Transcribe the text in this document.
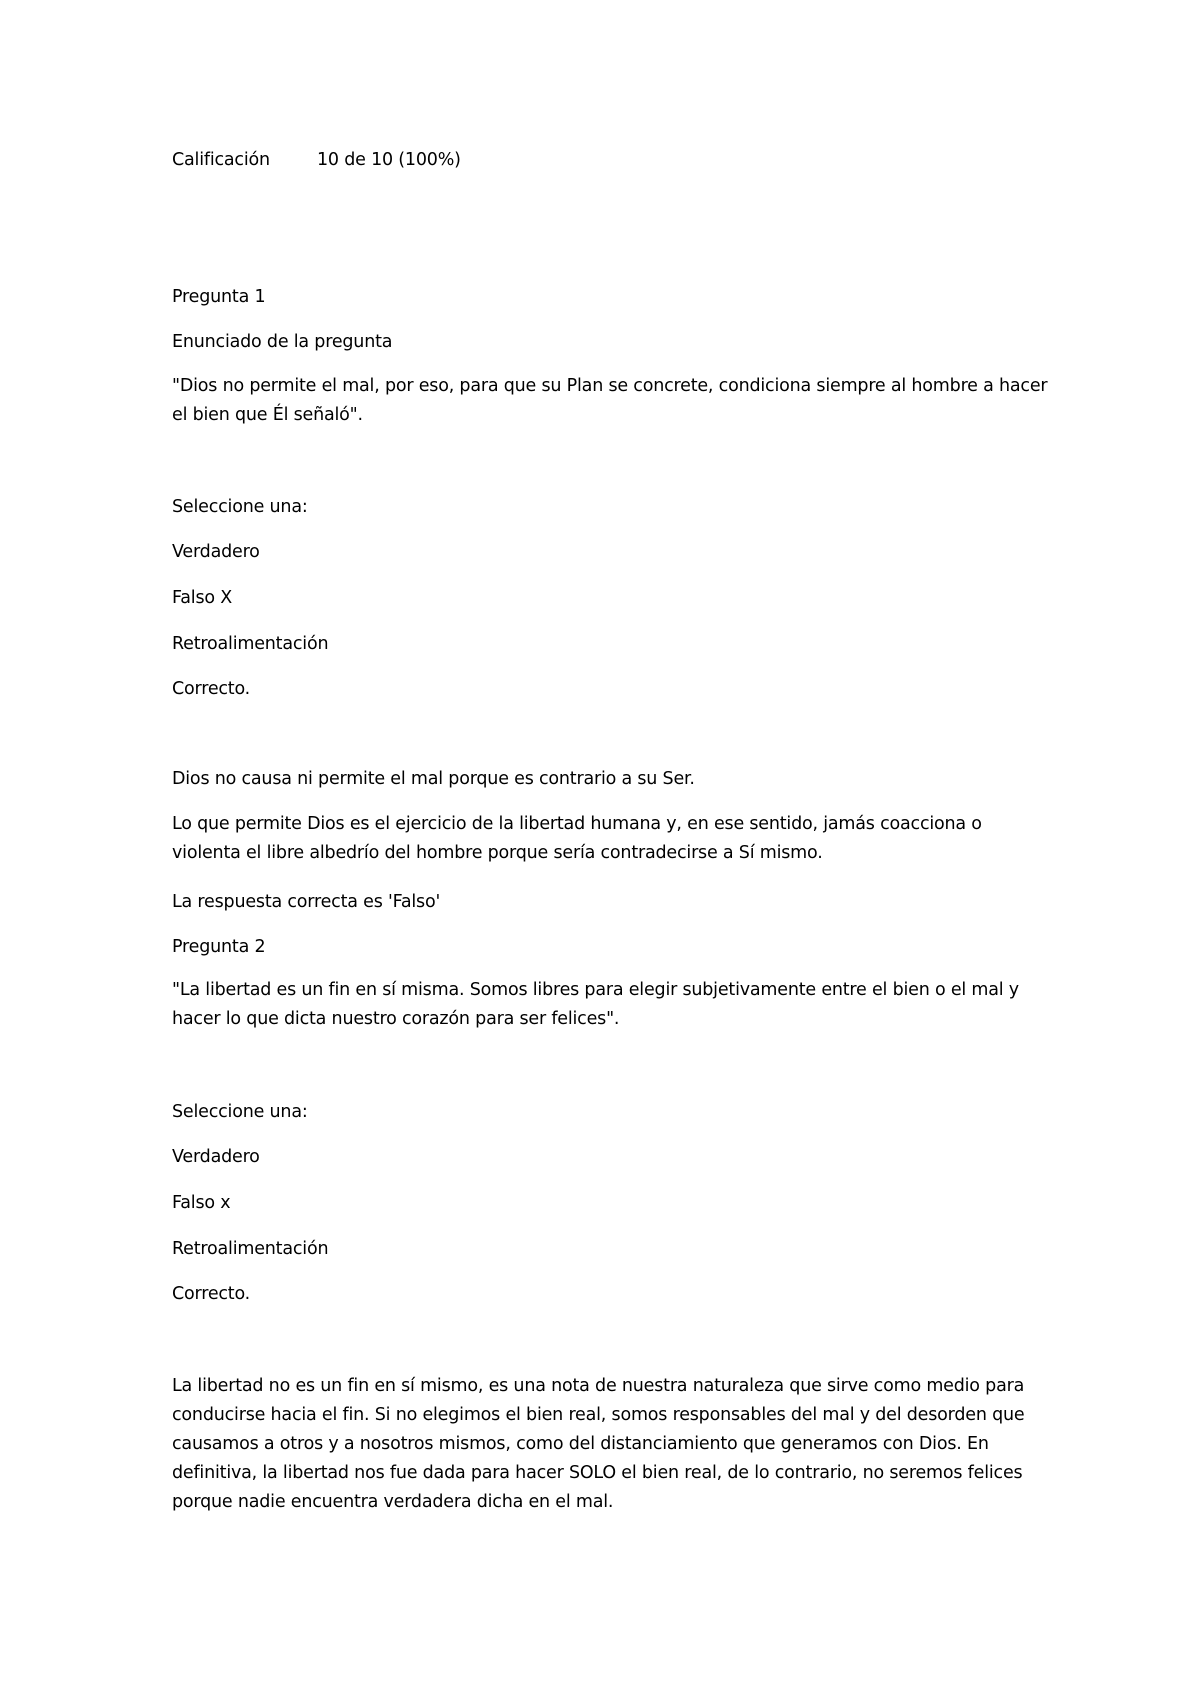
Calificación	10 de 10 (100%)

Pregunta 1

Enunciado de la pregunta

"Dios no permite el mal, por eso, para que su Plan se concrete, condiciona siempre al hombre a hacer el bien que Él señaló".

Seleccione una:

Verdadero

Falso X

Retroalimentación

Correcto.

Dios no causa ni permite el mal porque es contrario a su Ser.

Lo que permite Dios es el ejercicio de la libertad humana y, en ese sentido, jamás coacciona o violenta el libre albedrío del hombre porque sería contradecirse a Sí mismo.

La respuesta correcta es 'Falso'

Pregunta 2

"La libertad es un fin en sí misma. Somos libres para elegir subjetivamente entre el bien o el mal y hacer lo que dicta nuestro corazón para ser felices".

Seleccione una:

Verdadero

Falso x

Retroalimentación

Correcto.

La libertad no es un fin en sí mismo, es una nota de nuestra naturaleza que sirve como medio para conducirse hacia el fin. Si no elegimos el bien real, somos responsables del mal y del desorden que causamos a otros y a nosotros mismos, como del distanciamiento que generamos con Dios. En definitiva, la libertad nos fue dada para hacer SOLO el bien real, de lo contrario, no seremos felices porque nadie encuentra verdadera dicha en el mal.
